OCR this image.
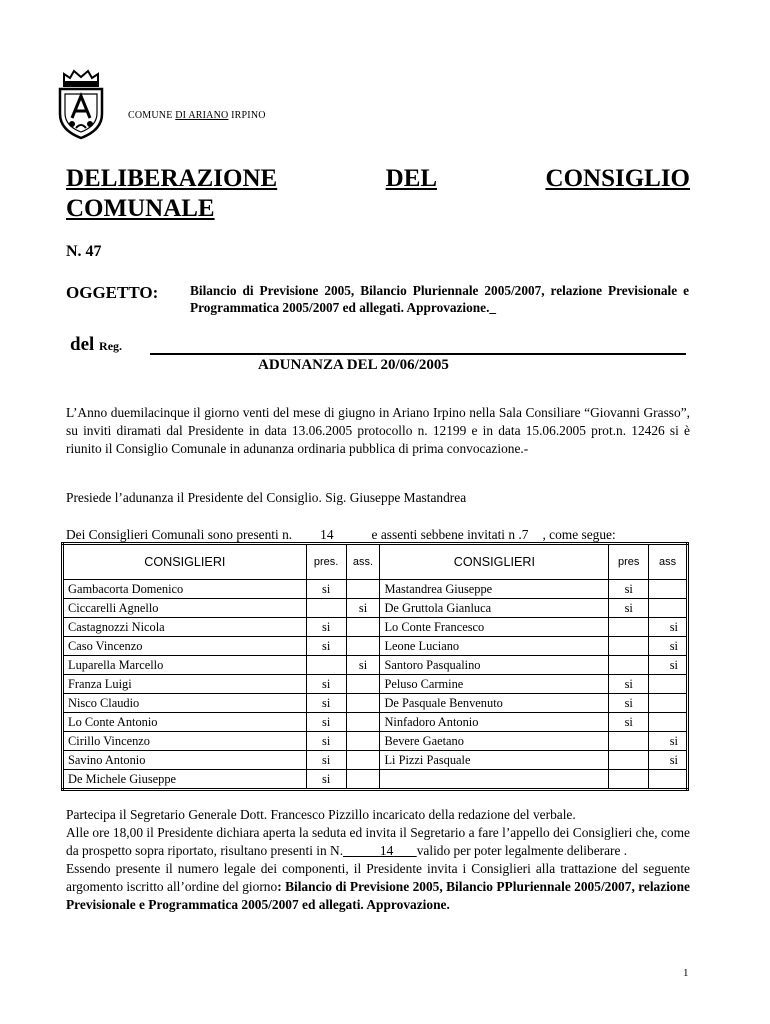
COMUNE DI ARIANO IRPINO
DELIBERAZIONE	DEL	CONSIGLIO
COMUNALE
N. 47
OGGETTO: Bilancio di Previsione 2005, Bilancio Pluriennale 2005/2007, relazione Previsionale e Programmatica 2005/2007 ed allegati. Approvazione._
del Reg.
ADUNANZA DEL 20/06/2005
L’Anno duemilacinque il giorno venti del mese di giugno in Ariano Irpino nella Sala Consiliare “Giovanni Grasso”, su inviti diramati dal Presidente in data 13.06.2005 protocollo n. 12199 e in data 15.06.2005 prot.n. 12426 si è riunito il Consiglio Comunale in adunanza ordinaria pubblica di prima convocazione.-
Presiede l’adunanza il Presidente del Consiglio. Sig. Giuseppe Mastandrea
Dei Consiglieri Comunali sono presenti n. 14	e assenti sebbene invitati n .7 , come segue:
CONSIGLIERI	pres.	ass.	CONSIGLIERI	pres	ass
Gambacorta Domenico	si		Mastandrea Giuseppe	si	
Ciccarelli Agnello		si	De Gruttola Gianluca	si	
Castagnozzi Nicola	si		Lo Conte Francesco		si
Caso Vincenzo	si		Leone Luciano		si
Luparella Marcello		si	Santoro Pasqualino		si
Franza Luigi	si		Peluso Carmine	si	
Nisco Claudio	si		De Pasquale Benvenuto	si	
Lo Conte Antonio	si		Ninfadoro Antonio	si	
Cirillo Vincenzo	si		Bevere Gaetano		si
Savino Antonio	si		Li Pizzi Pasquale		si
De Michele Giuseppe	si				
Partecipa il Segretario Generale Dott. Francesco Pizzillo incaricato della redazione del verbale.
Alle ore 18,00 il Presidente dichiara aperta la seduta ed invita il Segretario a fare l’appello dei Consiglieri che, come da prospetto sopra riportato, risultano presenti in N.	14 valido per poter legalmente deliberare .
Essendo presente il numero legale dei componenti, il Presidente invita i Consiglieri alla trattazione del seguente argomento iscritto all’ordine del giorno: Bilancio di Previsione 2005, Bilancio PPluriennale 2005/2007, relazione Previsionale e Programmatica 2005/2007 ed allegati. Approvazione.
1
